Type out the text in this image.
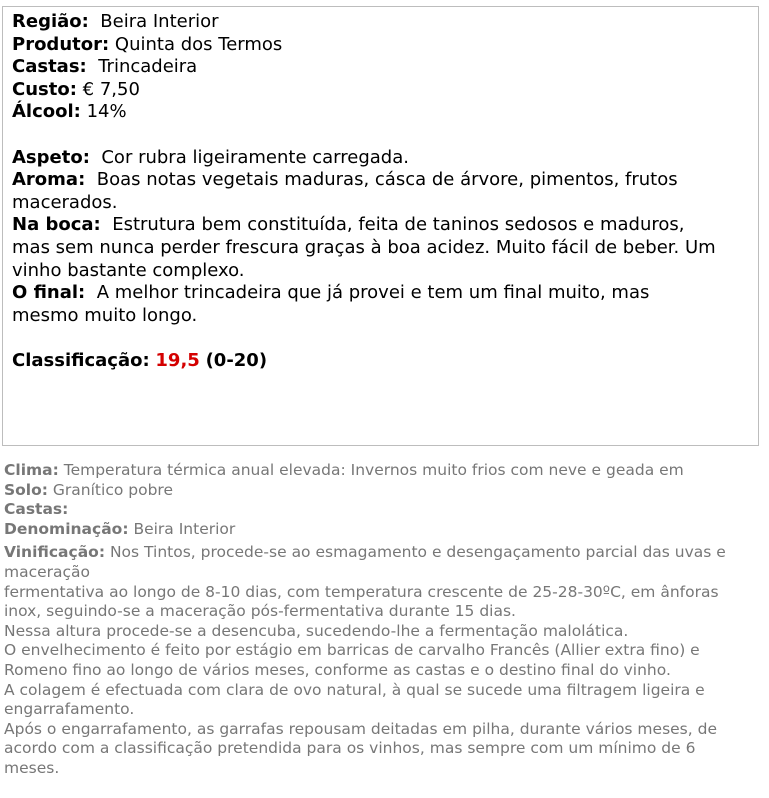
Região: Beira Interior

Produtor: Quinta dos Termos

Castas: Trincadeira

Custo: € 7,50

Álcool: 14%

Aspeto: Cor rubra ligeiramente carregada.

Aroma: Boas notas vegetais maduras, cásca de árvore, pimentos, frutos

macerados.

Na boca: Estrutura bem constituída, feita de taninos sedosos e maduros,

mas sem nunca perder frescura graças à boa acidez. Muito fácil de beber. Um

vinho bastante complexo.

O final: A melhor trincadeira que já provei e tem um final muito, mas

mesmo muito longo.

Classificação: 19,5 (0-20)

Clima: Temperatura térmica anual elevada: Invernos muito frios com neve e geada em

Solo: Granítico pobre

Castas:

Denominação: Beira Interior

Vinificação: Nos Tintos, procede-se ao esmagamento e desengaçamento parcial das uvas e

maceração

fermentativa ao longo de 8-10 dias, com temperatura crescente de 25-28-30ºC, em ânforas

inox, seguindo-se a maceração pós-fermentativa durante 15 dias.

Nessa altura procede-se a desencuba, sucedendo-lhe a fermentação malolática.

O envelhecimento é feito por estágio em barricas de carvalho Francês (Allier extra fino) e

Romeno fino ao longo de vários meses, conforme as castas e o destino final do vinho.

A colagem é efectuada com clara de ovo natural, à qual se sucede uma filtragem ligeira e

engarrafamento.

Após o engarrafamento, as garrafas repousam deitadas em pilha, durante vários meses, de

acordo com a classificação pretendida para os vinhos, mas sempre com um mínimo de 6

meses.
